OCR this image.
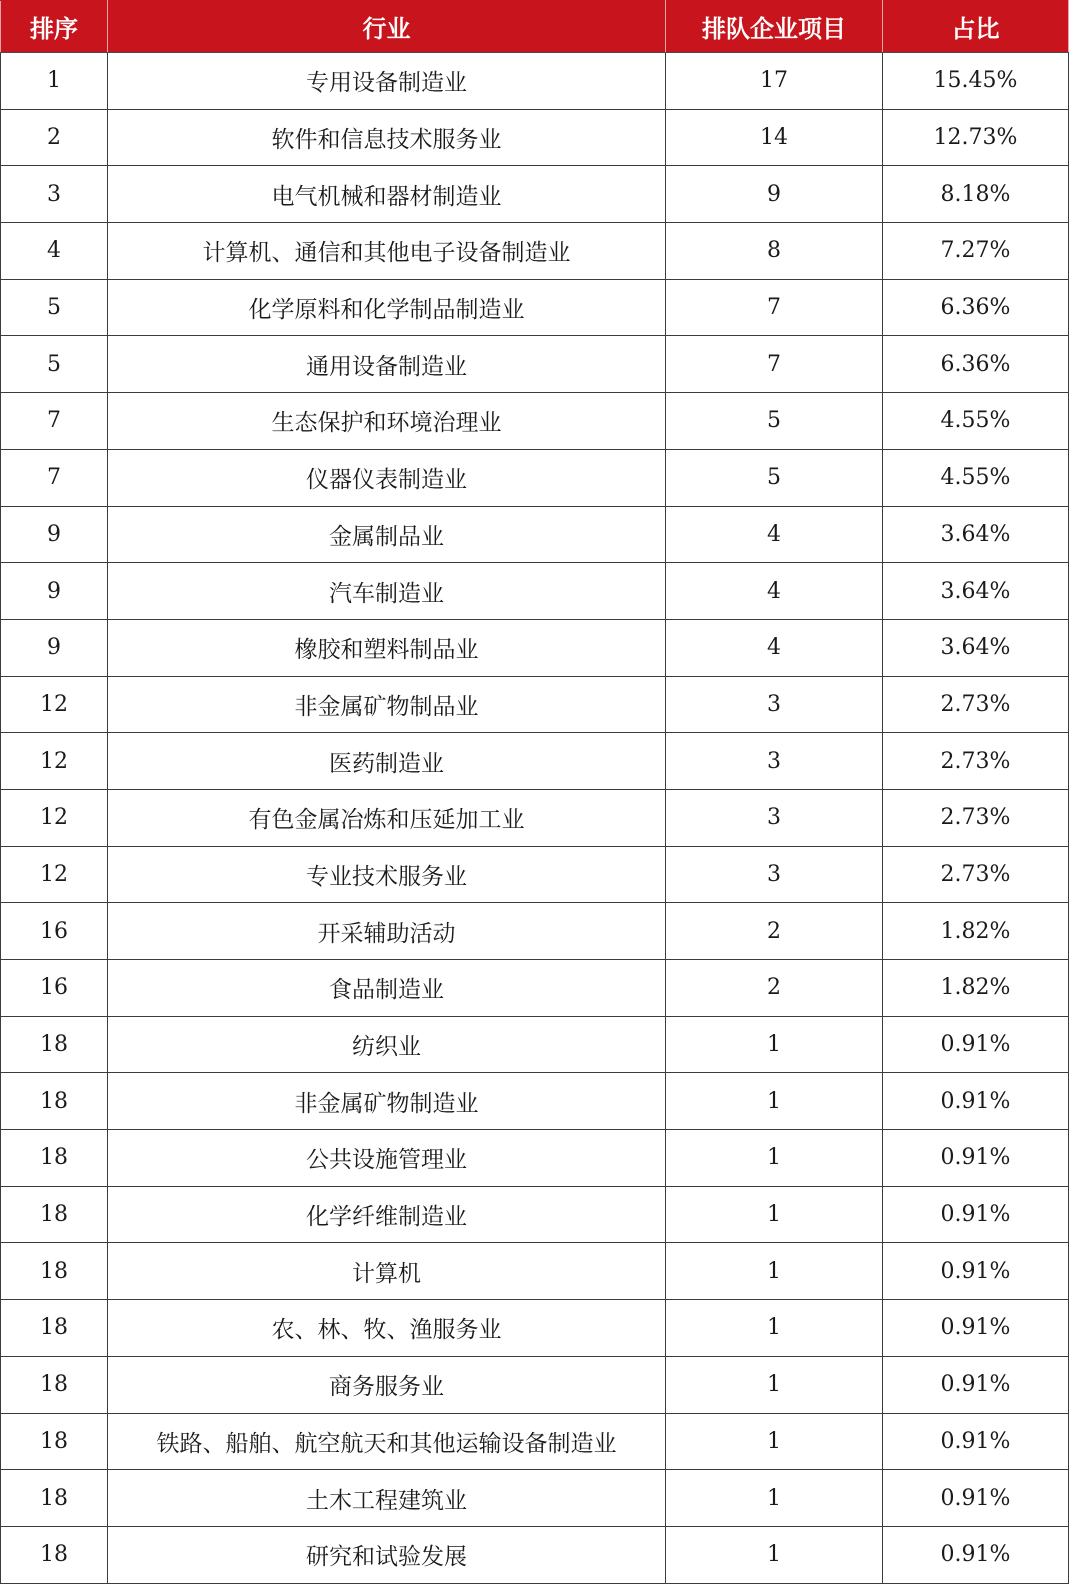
排序	行业	排队企业项目	占比
1	专用设备制造业	17	15.45%
2	软件和信息技术服务业	14	12.73%
3	电气机械和器材制造业	9	8.18%
4	计算机、通信和其他电子设备制造业	8	7.27%
5	化学原料和化学制品制造业	7	6.36%
5	通用设备制造业	7	6.36%
7	生态保护和环境治理业	5	4.55%
7	仪器仪表制造业	5	4.55%
9	金属制品业	4	3.64%
9	汽车制造业	4	3.64%
9	橡胶和塑料制品业	4	3.64%
12	非金属矿物制品业	3	2.73%
12	医药制造业	3	2.73%
12	有色金属冶炼和压延加工业	3	2.73%
12	专业技术服务业	3	2.73%
16	开采辅助活动	2	1.82%
16	食品制造业	2	1.82%
18	纺织业	1	0.91%
18	非金属矿物制造业	1	0.91%
18	公共设施管理业	1	0.91%
18	化学纤维制造业	1	0.91%
18	计算机	1	0.91%
18	农、林、牧、渔服务业	1	0.91%
18	商务服务业	1	0.91%
18	铁路、船舶、航空航天和其他运输设备制造业	1	0.91%
18	土木工程建筑业	1	0.91%
18	研究和试验发展	1	0.91%
